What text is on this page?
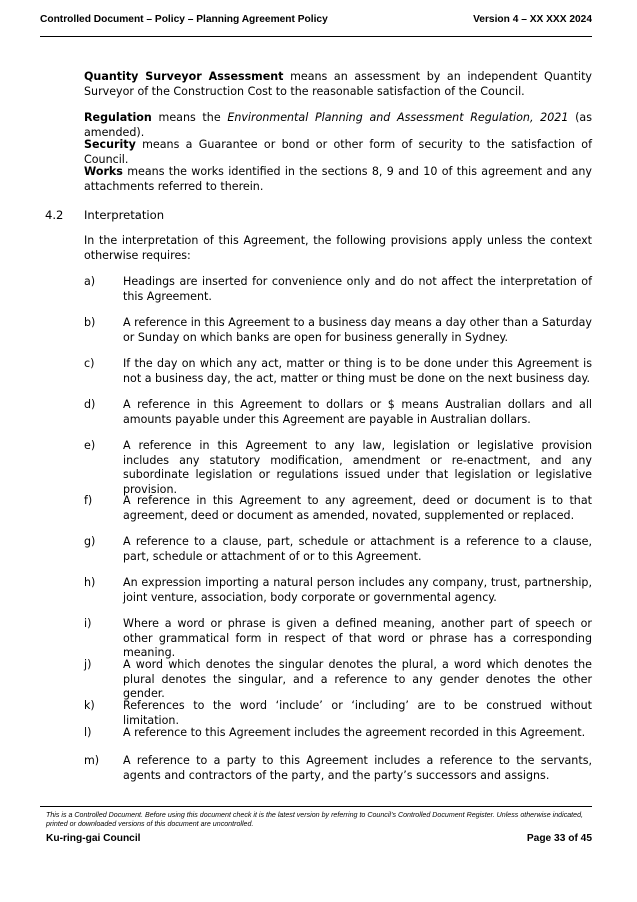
Controlled Document – Policy – Planning Agreement Policy	Version 4 – XX XXX 2024

Quantity Surveyor Assessment means an assessment by an independent Quantity Surveyor of the Construction Cost to the reasonable satisfaction of the Council.

Regulation means the Environmental Planning and Assessment Regulation, 2021 (as amended).

Security means a Guarantee or bond or other form of security to the satisfaction of Council.

Works means the works identified in the sections 8, 9 and 10 of this agreement and any attachments referred to therein.

4.2	Interpretation

In the interpretation of this Agreement, the following provisions apply unless the context otherwise requires:

a)	Headings are inserted for convenience only and do not affect the interpretation of this Agreement.
b)	A reference in this Agreement to a business day means a day other than a Saturday or Sunday on which banks are open for business generally in Sydney.
c)	If the day on which any act, matter or thing is to be done under this Agreement is not a business day, the act, matter or thing must be done on the next business day.
d)	A reference in this Agreement to dollars or $ means Australian dollars and all amounts payable under this Agreement are payable in Australian dollars.
e)	A reference in this Agreement to any law, legislation or legislative provision includes any statutory modification, amendment or re-enactment, and any subordinate legislation or regulations issued under that legislation or legislative provision.
f)	A reference in this Agreement to any agreement, deed or document is to that agreement, deed or document as amended, novated, supplemented or replaced.
g)	A reference to a clause, part, schedule or attachment is a reference to a clause, part, schedule or attachment of or to this Agreement.
h)	An expression importing a natural person includes any company, trust, partnership, joint venture, association, body corporate or governmental agency.
i)	Where a word or phrase is given a defined meaning, another part of speech or other grammatical form in respect of that word or phrase has a corresponding meaning.
j)	A word which denotes the singular denotes the plural, a word which denotes the plural denotes the singular, and a reference to any gender denotes the other gender.
k)	References to the word ‘include’ or ‘including’ are to be construed without limitation.
l)	A reference to this Agreement includes the agreement recorded in this Agreement.
m)	A reference to a party to this Agreement includes a reference to the servants, agents and contractors of the party, and the party’s successors and assigns.
This is a Controlled Document. Before using this document check it is the latest version by referring to Council’s Controlled Document Register. Unless otherwise indicated, printed or downloaded versions of this document are uncontrolled.
Ku-ring-gai Council	Page 33 of 45
